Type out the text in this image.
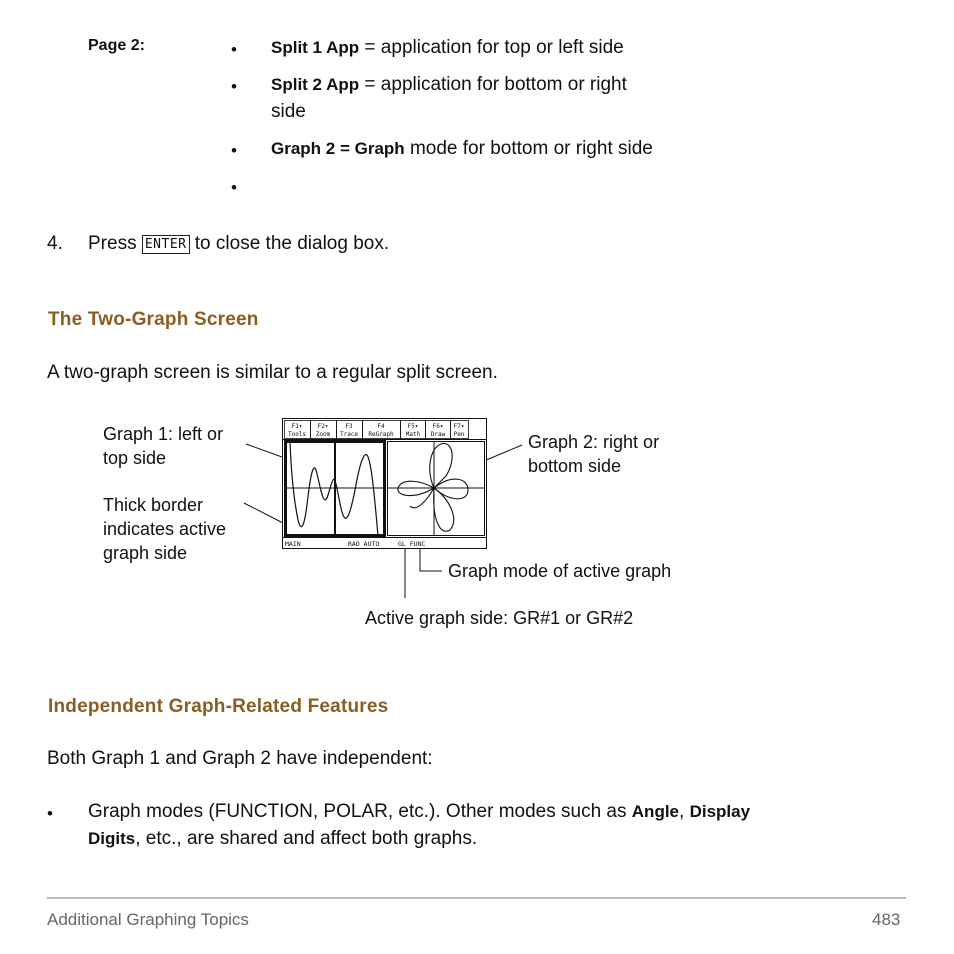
Page 2:	• Split 1 App = application for top or left side
• Split 2 App = application for bottom or right
side
• Graph 2 = Graph mode for bottom or right side
•
4. Press ENTER to close the dialog box.
The Two-Graph Screen
A two-graph screen is similar to a regular split screen.
Graph 1: left or top side
Thick border indicates active graph side
Graph 2: right or bottom side
Graph mode of active graph
Active graph side: GR#1 or GR#2
F1▾
Tools
F2▾
Zoom
F3
Trace
F4
ReGraph
F5▾
Math
F6▾
Draw
F7▾
Pen
MAIN	RAD AUTO	GL FUNC
Independent Graph-Related Features
Both Graph 1 and Graph 2 have independent:
• Graph modes (FUNCTION, POLAR, etc.). Other modes such as Angle, Display
Digits, etc., are shared and affect both graphs.
Additional Graphing Topics	483
